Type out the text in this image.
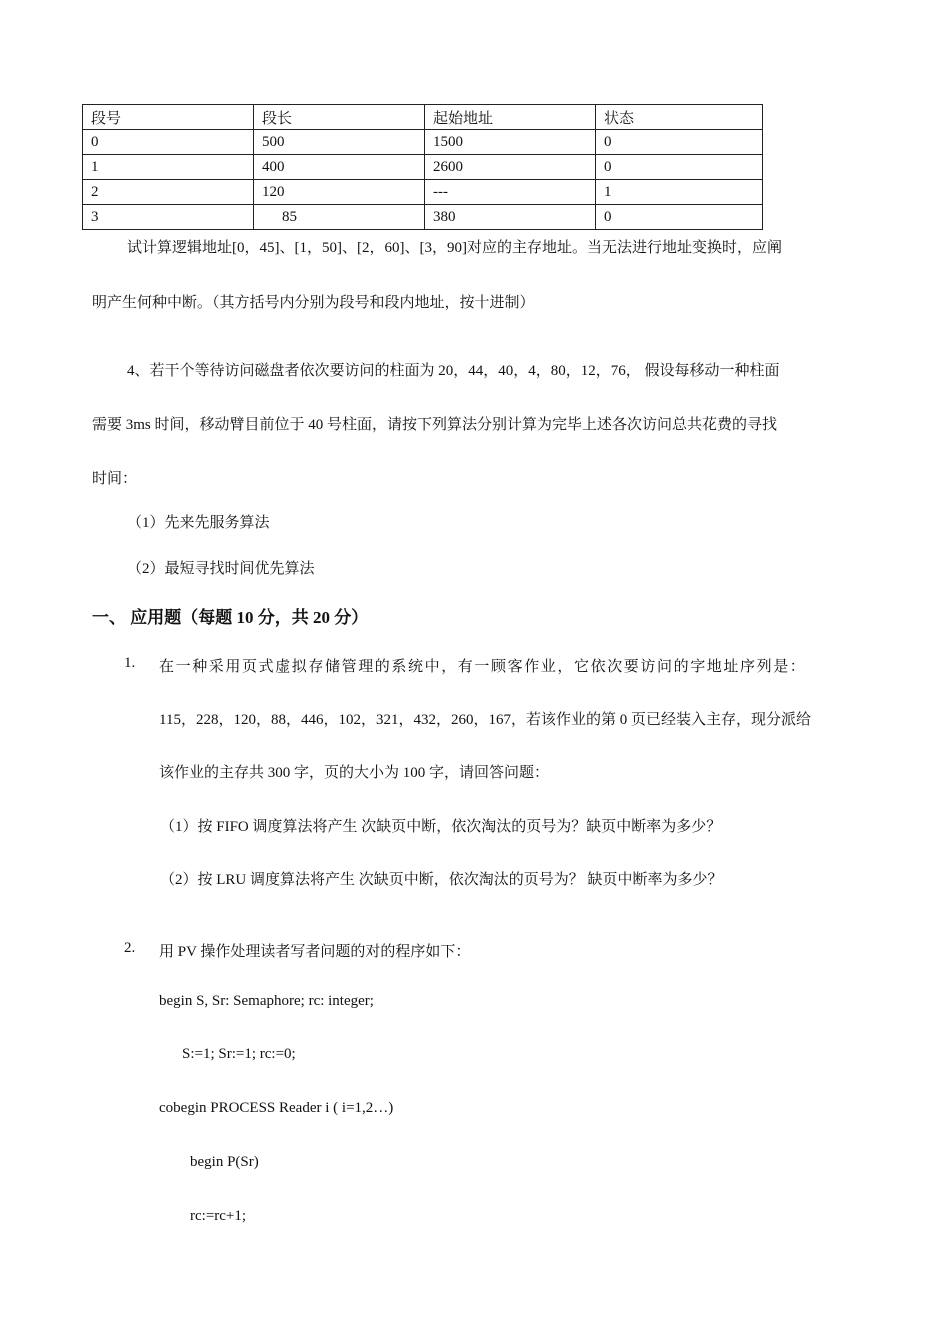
段号	段长	起始地址	状态
0	500	1500	0
1	400	2600	0
2	120	---	1
3	85	380	0
试计算逻辑地址[0，45]、[1，50]、[2，60]、[3，90]对应的主存地址。当无法进行地址变换时，应阐
明产生何种中断。（其方括号内分别为段号和段内地址，按十进制）
4、若干个等待访问磁盘者依次要访问的柱面为 20，44，40，4，80，12，76， 假设每移动一种柱面
需要 3ms 时间，移动臂目前位于 40 号柱面，请按下列算法分别计算为完毕上述各次访问总共花费的寻找
时间：
（1）先来先服务算法
（2）最短寻找时间优先算法
一、 应用题（每题 10 分，共 20 分）
1. 在一种采用页式虚拟存储管理的系统中，有一顾客作业，它依次要访问的字地址序列是：
115，228，120，88，446，102，321，432，260，167，若该作业的第 0 页已经装入主存，现分派给
该作业的主存共 300 字，页的大小为 100 字，请回答问题：
（1）按 FIFO 调度算法将产生 次缺页中断，依次淘汰的页号为？缺页中断率为多少？
（2）按 LRU 调度算法将产生 次缺页中断，依次淘汰的页号为？ 缺页中断率为多少？
2. 用 PV 操作处理读者写者问题的对的程序如下：
begin S, Sr: Semaphore; rc: integer;
S:=1; Sr:=1; rc:=0;
cobegin PROCESS Reader i ( i=1,2…)
begin P(Sr)
rc:=rc+1;
